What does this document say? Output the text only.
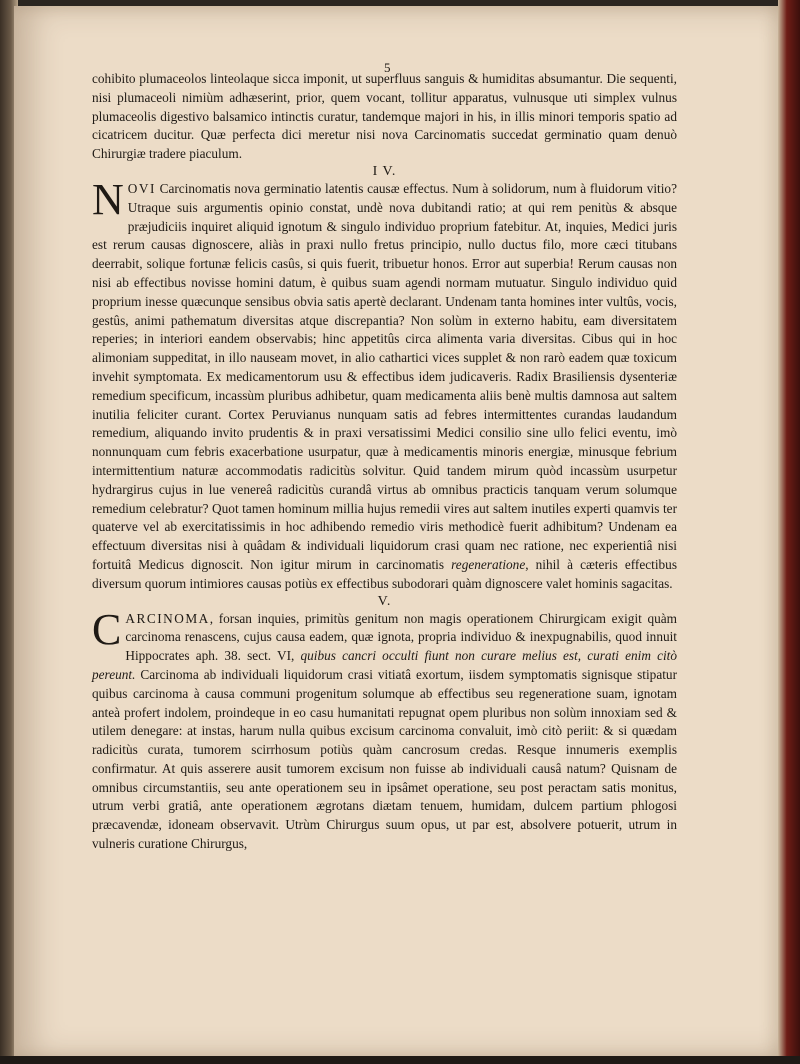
5

cohibito plumaceolos linteolaque sicca imponit, ut superfluus sanguis & humiditas absumantur. Die sequenti, nisi plumaceoli nimiùm adhæserint, prior, quem vocant, tollitur apparatus, vulnusque uti simplex vulnus plumaceolis digestivo balsamico intinctis curatur, tandemque majori in his, in illis minori temporis spatio ad cicatricem ducitur. Quæ perfecta dici meretur nisi nova Carcinomatis succedat germinatio quam denuò Chirurgiæ tradere piaculum.

I V.

NOVI Carcinomatis nova germinatio latentis causæ effectus. Num à solidorum, num à fluidorum vitio? Utraque suis argumentis opinio constat, undè nova dubitandi ratio; at qui rem penitùs & absque præjudiciis inquiret aliquid ignotum & singulo individuo proprium fatebitur. At, inquies, Medici juris est rerum causas dignoscere, aliàs in praxi nullo fretus principio, nullo ductus filo, more cæci titubans deerrabit, solique fortunæ felicis casûs, si quis fuerit, tribuetur honos. Error aut superbia! Rerum causas non nisi ab effectibus novisse homini datum, è quibus suam agendi normam mutuatur. Singulo individuo quid proprium inesse quæcunque sensibus obvia satis apertè declarant. Undenam tanta homines inter vultûs, vocis, gestûs, animi pathematum diversitas atque discrepantia? Non solùm in externo habitu, eam diversitatem reperies; in interiori eandem observabis; hinc appetitûs circa alimenta varia diversitas. Cibus qui in hoc alimoniam suppeditat, in illo nauseam movet, in alio cathartici vices supplet & non rarò eadem quæ toxicum invehit symptomata. Ex medicamentorum usu & effectibus idem judicaveris. Radix Brasiliensis dysenteriæ remedium specificum, incassùm pluribus adhibetur, quam medicamenta aliis benè multis damnosa aut saltem inutilia feliciter curant. Cortex Peruvianus nunquam satis ad febres intermittentes curandas laudandum remedium, aliquando invito prudentis & in praxi versatissimi Medici consilio sine ullo felici eventu, imò nonnunquam cum febris exacerbatione usurpatur, quæ à medicamentis minoris energiæ, minusque febrium intermittentium naturæ accommodatis radicitùs solvitur. Quid tandem mirum quòd incassùm usurpetur hydrargirus cujus in lue venereâ radicitùs curandâ virtus ab omnibus practicis tanquam verum solumque remedium celebratur? Quot tamen hominum millia hujus remedii vires aut saltem inutiles experti quamvis ter quaterve vel ab exercitatissimis in hoc adhibendo remedio viris methodicè fuerit adhibitum? Undenam ea effectuum diversitas nisi à quâdam & individuali liquidorum crasi quam nec ratione, nec experientiâ nisi fortuitâ Medicus dignoscit. Non igitur mirum in carcinomatis regeneratione, nihil à cæteris effectibus diversum quorum intimiores causas potiùs ex effectibus subodorari quàm dignoscere valet hominis sagacitas.

V.

CARCINOMA, forsan inquies, primitùs genitum non magis operationem Chirurgicam exigit quàm carcinoma renascens, cujus causa eadem, quæ ignota, propria individuo & inexpugnabilis, quod innuit Hippocrates aph. 38. sect. VI, quibus cancri occulti fiunt non curare melius est, curati enim citò pereunt. Carcinoma ab individuali liquidorum crasi vitiatâ exortum, iisdem symptomatis signisque stipatur quibus carcinoma à causa communi progenitum solumque ab effectibus seu regeneratione suam, ignotam anteà profert indolem, proindeque in eo casu humanitati repugnat opem pluribus non solùm innoxiam sed & utilem denegare: at instas, harum nulla quibus excisum carcinoma convaluit, imò citò periit: & si quædam radicitùs curata, tumorem scirrhosum potiùs quàm cancrosum credas. Resque innumeris exemplis confirmatur. At quis asserere ausit tumorem excisum non fuisse ab individuali causâ natum? Quisnam de omnibus circumstantiis, seu ante operationem seu in ipsâmet operatione, seu post peractam satis monitus, utrum verbi gratiâ, ante operationem ægrotans diætam tenuem, humidam, dulcem partium phlogosi præcavendæ, idoneam observavit. Utrùm Chirurgus suum opus, ut par est, absolvere potuerit, utrum in vulneris curatione Chirurgus,
